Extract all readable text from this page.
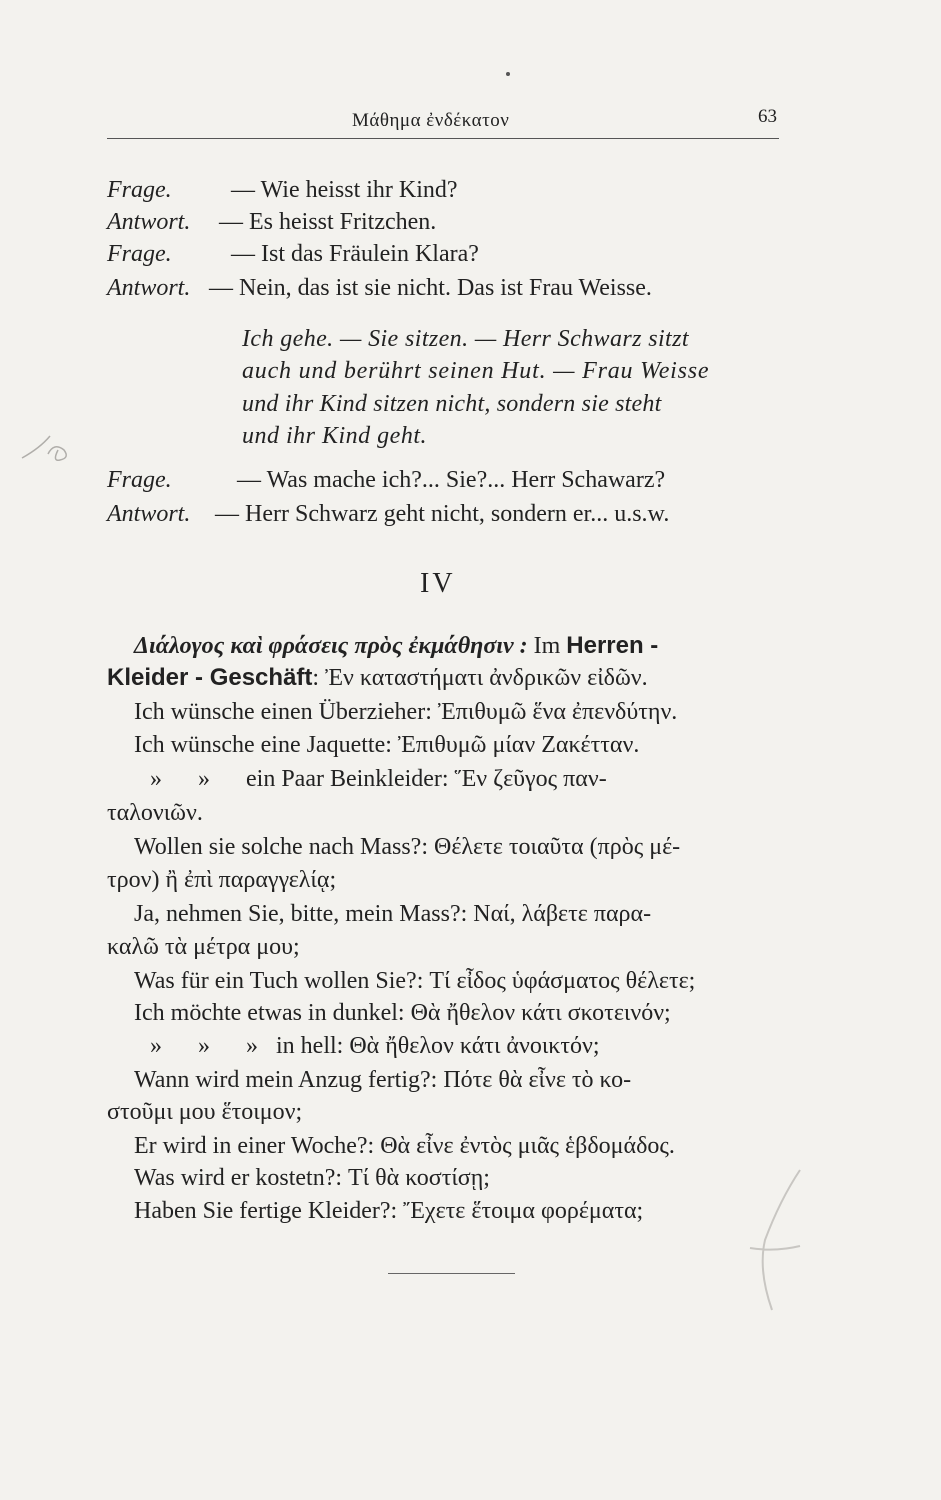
Μάθημα ἐνδέκατον	63
Frage. — Wie heisst ihr Kind?
Antwort. — Es heisst Fritzchen.
Frage. — Ist das Fräulein Klara?
Antwort. — Nein, das ist sie nicht. Das ist Frau Weisse.
Ich gehe. — Sie sitzen. — Herr Schwarz sitzt
auch und berührt seinen Hut. — Frau Weisse
und ihr Kind sitzen nicht, sondern sie steht
und ihr Kind geht.
Frage.	— Was mache ich?... Sie?... Herr Schawarz?
Antwort. — Herr Schwarz geht nicht, sondern er... u.s.w.
IV
Διάλογος καὶ φράσεις πρὸς ἐκμάθησιν : Im Herren -
Kleider - Geschäft: Ἐν καταστήματι ἀνδρικῶν εἰδῶν.
Ich wünsche einen Überzieher: Ἐπιθυμῶ ἕνα ἐπενδύτην.
Ich wünsche eine Jaquette: Ἐπιθυμῶ μίαν Ζακέτταν.
»      »      ein Paar Beinkleider: Ἕν ζεῦγος παν-
ταλονιῶν.
Wollen sie solche nach Mass?: Θέλετε τοιαῦτα (πρὸς μέ-
τρον) ἢ ἐπὶ παραγγελίᾳ;
Ja, nehmen Sie, bitte, mein Mass?: Ναί, λάβετε παρα-
καλῶ τὰ μέτρα μου;
Was für ein Tuch wollen Sie?: Τί εἶδος ὑφάσματος θέλετε;
Ich möchte etwas in dunkel: Θὰ ἤθελον κάτι σκοτεινόν;
»      »      »   in hell: Θὰ ἤθελον κάτι ἀνοικτόν;
Wann wird mein Anzug fertig?: Πότε θὰ εἶνε τὸ κο-
στοῦμι μου ἕτοιμον;
Er wird in einer Woche?: Θὰ εἶνε ἐντὸς μιᾶς ἑβδομάδος.
Was wird er kostetn?: Τί θὰ κοστίσῃ;
Haben Sie fertige Kleider?: Ἔχετε ἕτοιμα φορέματα;
